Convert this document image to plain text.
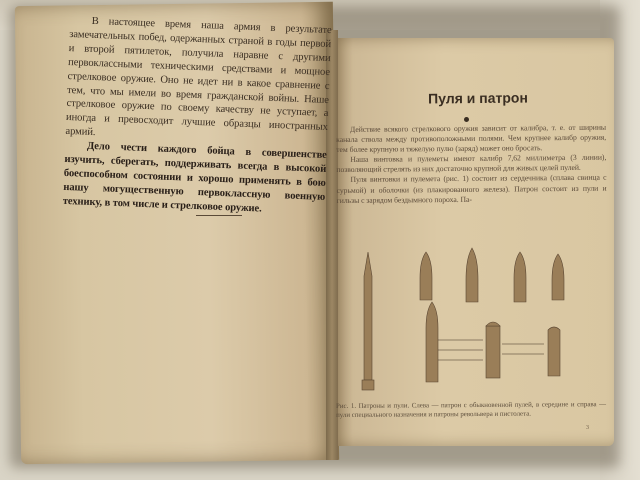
В настоящее время наша армия в результате замечательных побед, одержанных страной в годы первой и второй пятилеток, получила наравне с другими первоклассными техническими средствами и мощное стрелковое оружие. Оно не идет ни в какое сравнение с тем, что мы имели во время гражданской войны. Наше стрелковое оружие по своему качеству не уступает, а иногда и превосходит лучшие образцы иностранных армий.

Дело чести каждого бойца в совершенстве изучить, сберегать, поддерживать всегда в высокой боеспособном состоянии и хорошо применять в бою нашу могущественную первоклассную военную технику, в том числе и стрелковое оружие.

Пуля и патрон

Действие всякого стрелкового оружия зависит от калибра, т. е. от ширины канала ствола между противоположными полями. Чем крупнее калибр оружия, тем более крупную и тяжелую пулю (заряд) может оно бросать.

Наша винтовка и пулеметы имеют калибр 7,62 миллиметра (3 линии), позволяющий стрелять из них достаточно крупной для живых целей пулей.

Пуля винтовки и пулемета (рис. 1) состоит из сердечника (сплава свинца с сурьмой) и оболочки (из плакированного железа). Патрон состоит из пули и гильзы с зарядом бездымного пороха. Па-

Рис. 1. Патроны и пули. Слева — патрон с обыкновенной пулей, в середине и справа — пули специального назначения и патроны револьвера и пистолета.
3
